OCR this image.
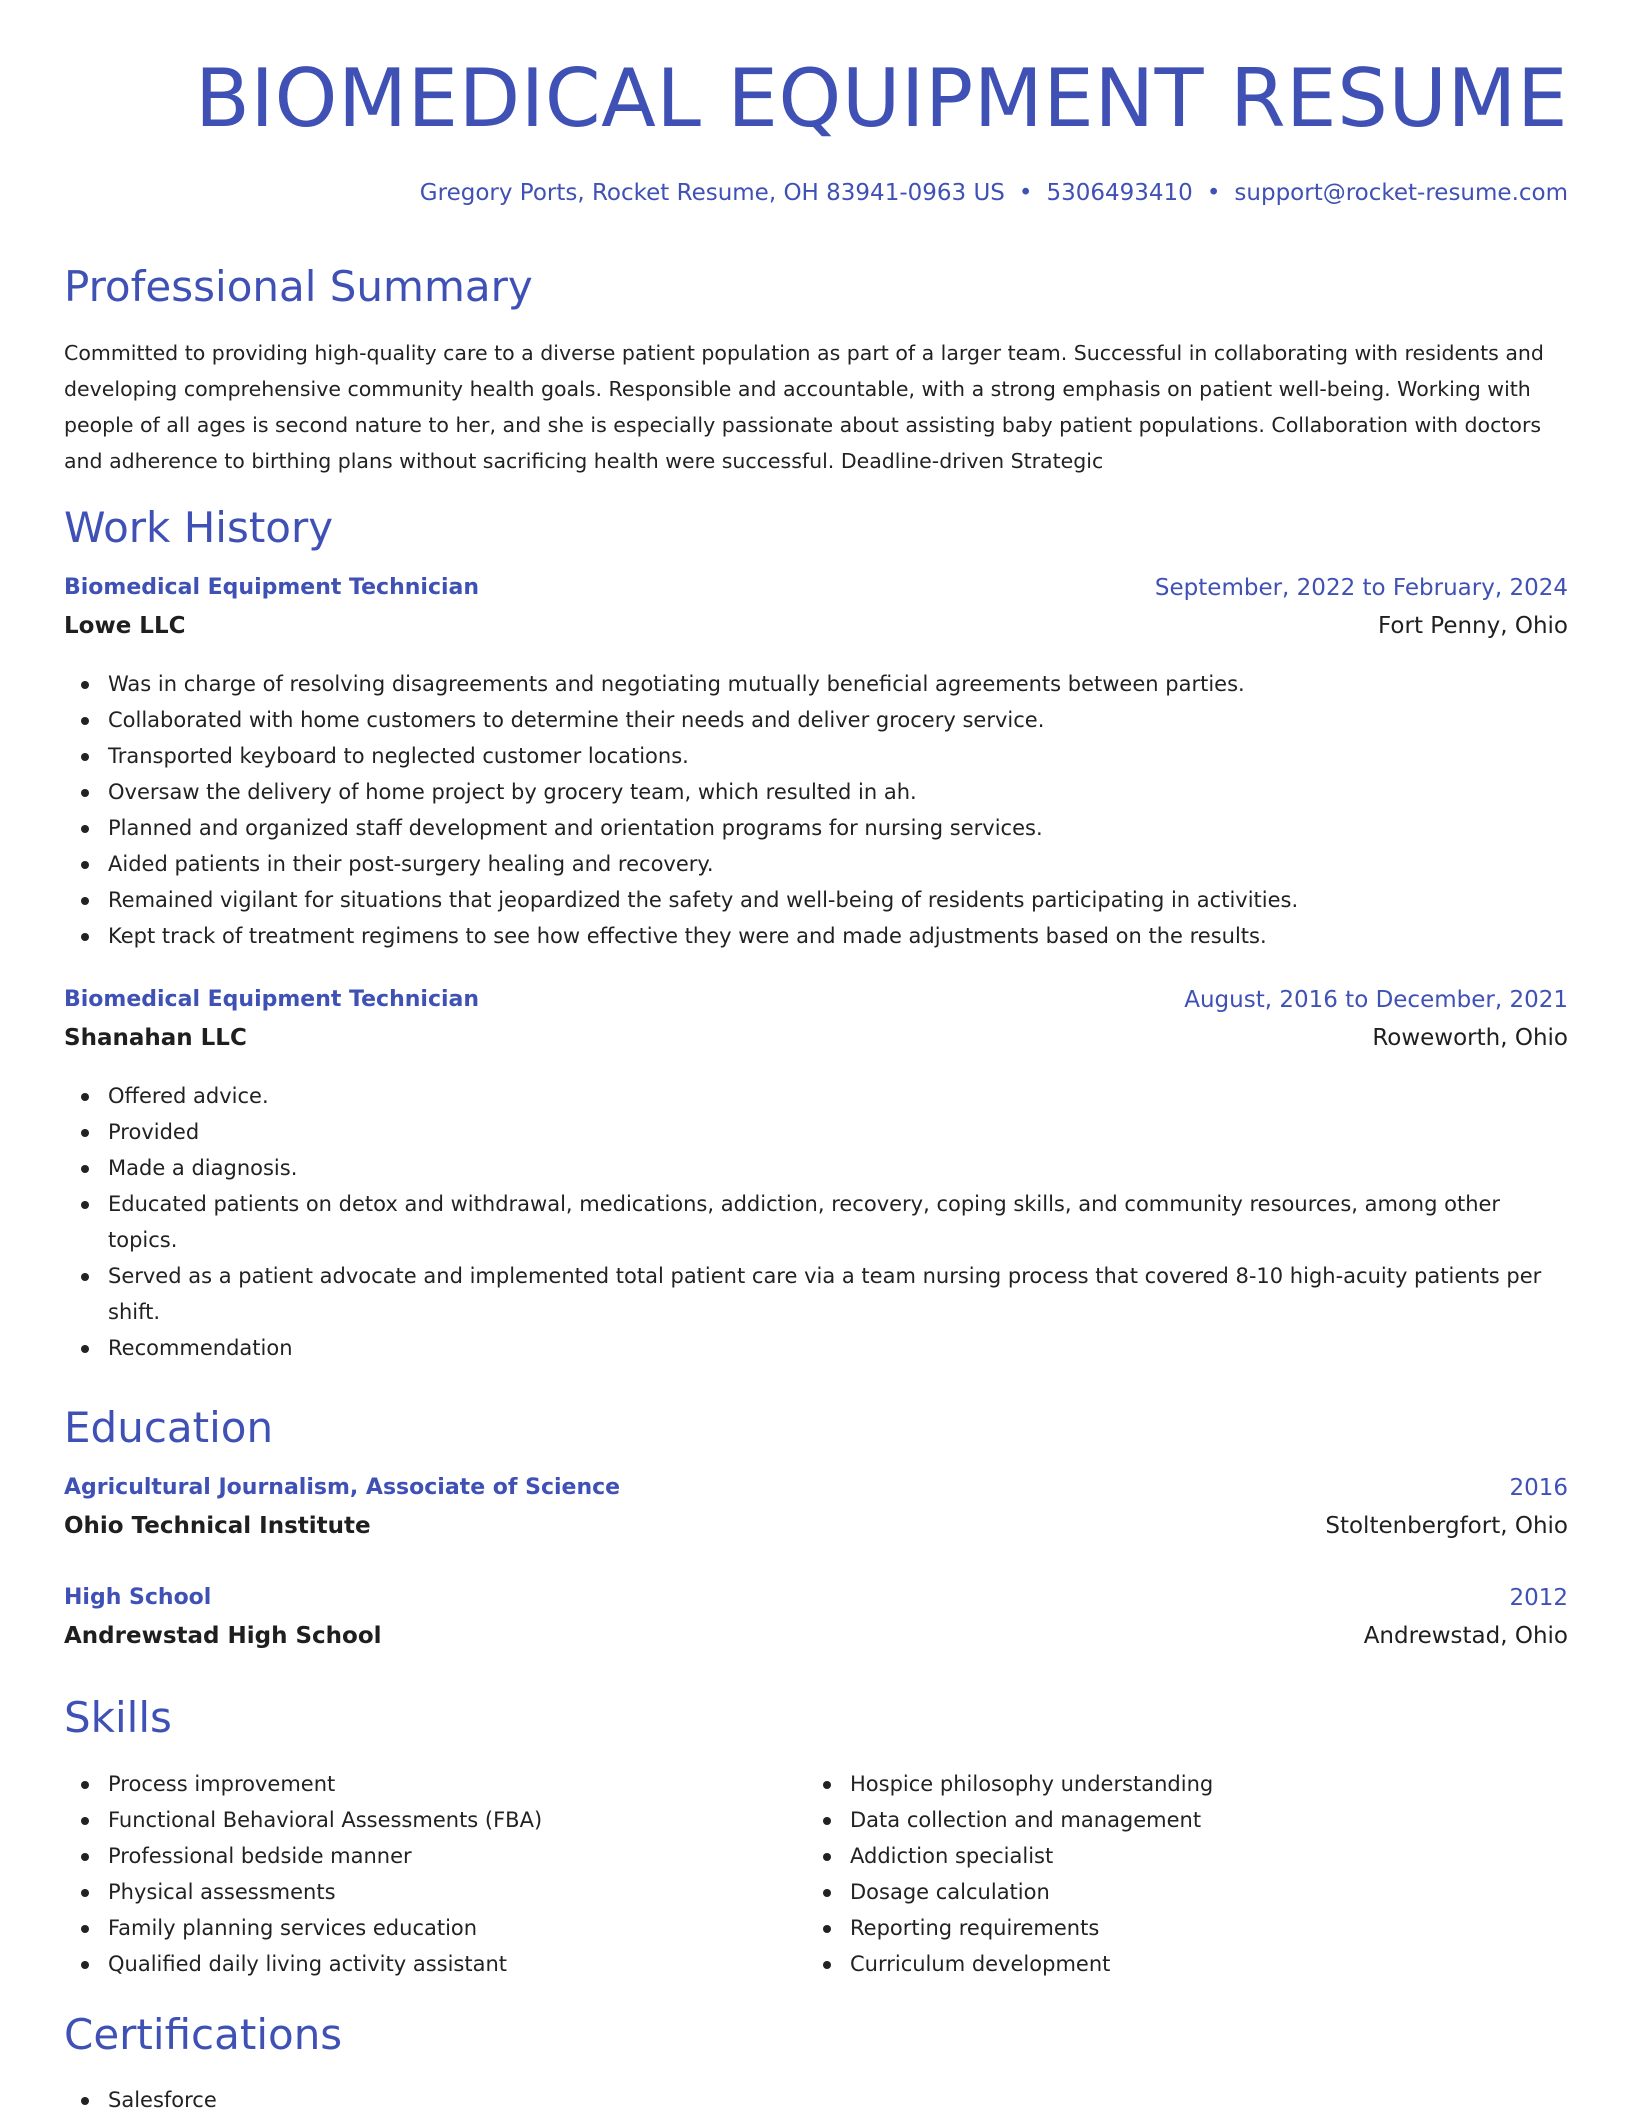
BIOMEDICAL EQUIPMENT RESUME
Gregory Ports, Rocket Resume, OH 83941-0963 US • 5306493410 • support@rocket-resume.com
Professional Summary

Committed to providing high-quality care to a diverse patient population as part of a larger team. Successful in collaborating with residents and developing comprehensive community health goals. Responsible and accountable, with a strong emphasis on patient well-being. Working with people of all ages is second nature to her, and she is especially passionate about assisting baby patient populations. Collaboration with doctors and adherence to birthing plans without sacrificing health were successful. Deadline-driven Strategic

Work History
Biomedical Equipment Technician	September, 2022 to February, 2024
Lowe LLC	Fort Penny, Ohio
Was in charge of resolving disagreements and negotiating mutually beneficial agreements between parties.
Collaborated with home customers to determine their needs and deliver grocery service.
Transported keyboard to neglected customer locations.
Oversaw the delivery of home project by grocery team, which resulted in ah.
Planned and organized staff development and orientation programs for nursing services.
Aided patients in their post-surgery healing and recovery.
Remained vigilant for situations that jeopardized the safety and well-being of residents participating in activities.
Kept track of treatment regimens to see how effective they were and made adjustments based on the results.
Biomedical Equipment Technician	August, 2016 to December, 2021
Shanahan LLC	Roweworth, Ohio
Offered advice.
Provided
Made a diagnosis.
Educated patients on detox and withdrawal, medications, addiction, recovery, coping skills, and community resources, among other topics.
Served as a patient advocate and implemented total patient care via a team nursing process that covered 8-10 high-acuity patients per shift.
Recommendation
Education
Agricultural Journalism, Associate of Science	2016
Ohio Technical Institute	Stoltenbergfort, Ohio
High School	2012
Andrewstad High School	Andrewstad, Ohio
Skills
Process improvement
Functional Behavioral Assessments (FBA)
Professional bedside manner
Physical assessments
Family planning services education
Qualified daily living activity assistant
Hospice philosophy understanding
Data collection and management
Addiction specialist
Dosage calculation
Reporting requirements
Curriculum development
Certifications
Salesforce
